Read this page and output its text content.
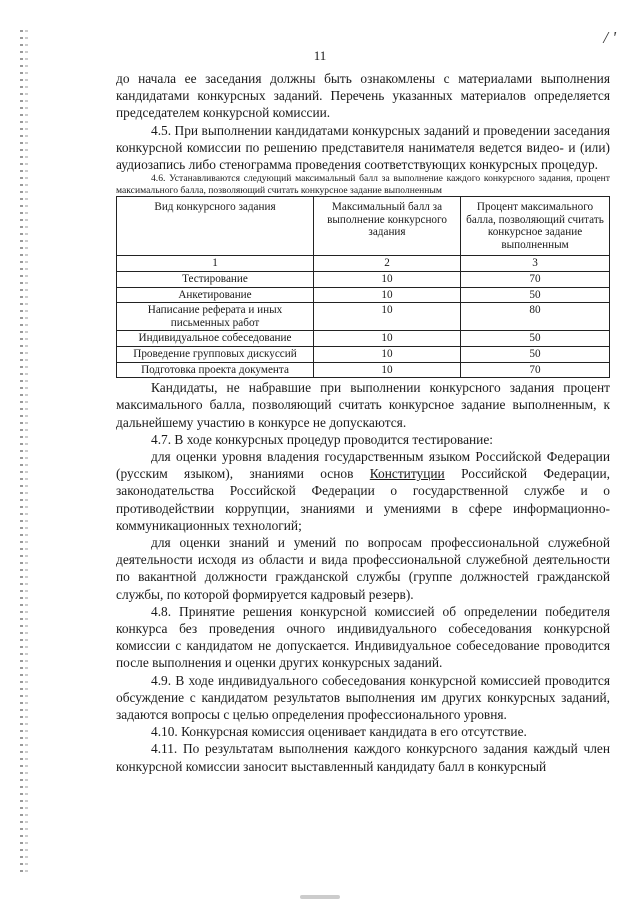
/ '
11

до начала ее заседания должны быть ознакомлены с материалами выполнения кандидатами конкурсных заданий. Перечень указанных материалов определяется председателем конкурсной комиссии.

4.5. При выполнении кандидатами конкурсных заданий и проведении заседания конкурсной комиссии по решению представителя нанимателя ведется видео- и (или) аудиозапись либо стенограмма проведения соответствующих конкурсных процедур.

4.6. Устанавливаются следующий максимальный балл за выполнение каждого конкурсного задания, процент максимального балла, позволяющий считать конкурсное задание выполненным

Вид конкурсного задания	Максимальный балл за выполнение конкурсного задания	Процент максимального балла, позволяющий считать конкурсное задание выполненным
1	2	3
Тестирование	10	70
Анкетирование	10	50
Написание реферата и иных письменных работ	10	80
Индивидуальное собеседование	10	50
Проведение групповых дискуссий	10	50
Подготовка проекта документа	10	70

Кандидаты, не набравшие при выполнении конкурсного задания процент максимального балла, позволяющий считать конкурсное задание выполненным, к дальнейшему участию в конкурсе не допускаются.

4.7. В ходе конкурсных процедур проводится тестирование:

для оценки уровня владения государственным языком Российской Федерации (русским языком), знаниями основ Конституции Российской Федерации, законодательства Российской Федерации о государственной службе и о противодействии коррупции, знаниями и умениями в сфере информационно-коммуникационных технологий;

для оценки знаний и умений по вопросам профессиональной служебной деятельности исходя из области и вида профессиональной служебной деятельности по вакантной должности гражданской службы (группе должностей гражданской службы, по которой формируется кадровый резерв).

4.8. Принятие решения конкурсной комиссией об определении победителя конкурса без проведения очного индивидуального собеседования конкурсной комиссии с кандидатом не допускается. Индивидуальное собеседование проводится после выполнения и оценки других конкурсных заданий.

4.9. В ходе индивидуального собеседования конкурсной комиссией проводится обсуждение с кандидатом результатов выполнения им других конкурсных заданий, задаются вопросы с целью определения профессионального уровня.

4.10. Конкурсная комиссия оценивает кандидата в его отсутствие.

4.11. По результатам выполнения каждого конкурсного задания каждый член конкурсной комиссии заносит выставленный кандидату балл в конкурсный
